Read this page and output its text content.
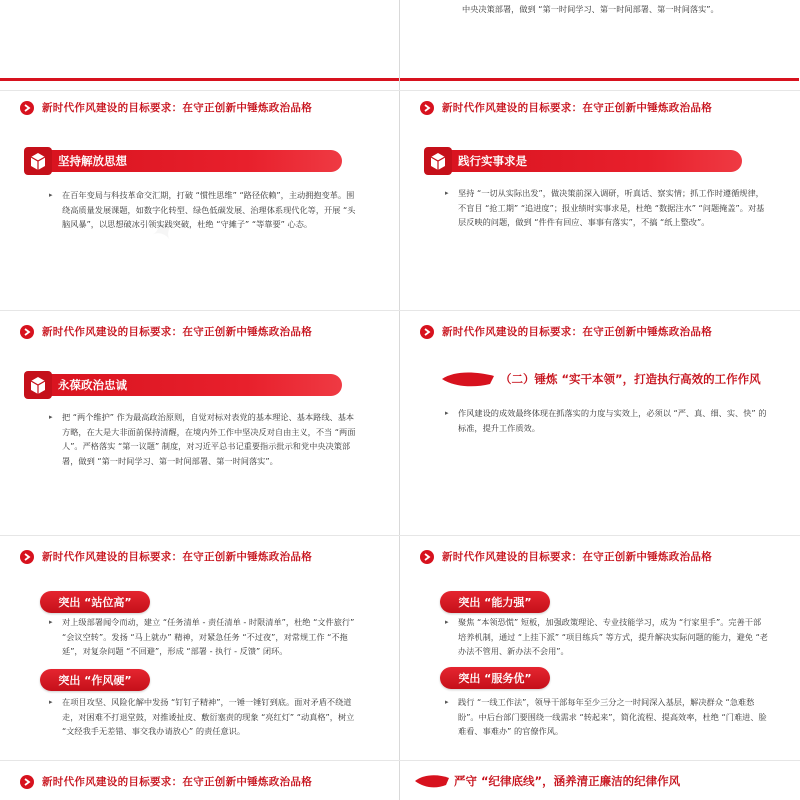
中央决策部署，做到 “第一时间学习、第一时间部署、第一时间落实”。
新时代作风建设的目标要求：在守正创新中锤炼政治品格
坚持解放思想
▸ 在百年变局与科技革命交汇期，打破 “惯性思维” “路径依赖”，主动拥抱变革。围绕高质量发展课题，如数字化转型、绿色低碳发展、治理体系现代化等，开展 “头脑风暴”，以思想破冰引领实践突破，杜绝 “守摊子” “等靠要” 心态。
新时代作风建设的目标要求：在守正创新中锤炼政治品格
践行实事求是
▸ 坚持 “一切从实际出发”，做决策前深入调研，听真话、察实情；抓工作时遵循规律，不盲目 “抢工期” “追进度”；报业绩时实事求是，杜绝 “数据注水” “问题掩盖”。对基层反映的问题，做到 “件件有回应、事事有落实”，不搞 “纸上整改”。
新时代作风建设的目标要求：在守正创新中锤炼政治品格
永葆政治忠诚
▸ 把 “两个维护” 作为最高政治原则，自觉对标对表党的基本理论、基本路线、基本方略，在大是大非面前保持清醒，在境内外工作中坚决反对自由主义，不当 “两面人”。严格落实 “第一议题” 制度，对习近平总书记重要指示批示和党中央决策部署，做到 “第一时间学习、第一时间部署、第一时间落实”。
新时代作风建设的目标要求：在守正创新中锤炼政治品格
（二）锤炼 “实干本领”，打造执行高效的工作作风
▸ 作风建设的成效最终体现在抓落实的力度与实效上，必须以 “严、真、细、实、快” 的标准，提升工作质效。
新时代作风建设的目标要求：在守正创新中锤炼政治品格
突出 “站位高”
▸ 对上级部署闻令而动，建立 “任务清单 - 责任清单 - 时限清单”，杜绝 “文件旅行” “会议空转”。发扬 “马上就办” 精神，对紧急任务 “不过夜”，对常规工作 “不拖延”，对复杂问题 “不回避”，形成 “部署 - 执行 - 反馈” 闭环。
突出 “作风硬”
▸ 在项目攻坚、风险化解中发扬 “钉钉子精神”，一锤一锤钉到底。面对矛盾不绕道走，对困难不打退堂鼓，对推诿扯皮、敷衍塞责的现象 “亮红灯” “动真格”，树立 “文经我手无差错、事交我办请放心” 的责任意识。
新时代作风建设的目标要求：在守正创新中锤炼政治品格
突出 “能力强”
▸ 聚焦 “本领恐慌” 短板，加强政策理论、专业技能学习，成为 “行家里手”。完善干部培养机制，通过 “上挂下派” “项目练兵” 等方式，提升解决实际问题的能力，避免 “老办法不管用、新办法不会用”。
突出 “服务优”
▸ 践行 “一线工作法”，领导干部每年至少三分之一时间深入基层，解决群众 “急难愁盼”。中后台部门要围绕一线需求 “转起来”，简化流程、提高效率，杜绝 “门难进、脸难看、事难办” 的官僚作风。
新时代作风建设的目标要求：在守正创新中锤炼政治品格	严守 “纪律底线”，涵养清正廉洁的纪律作风
